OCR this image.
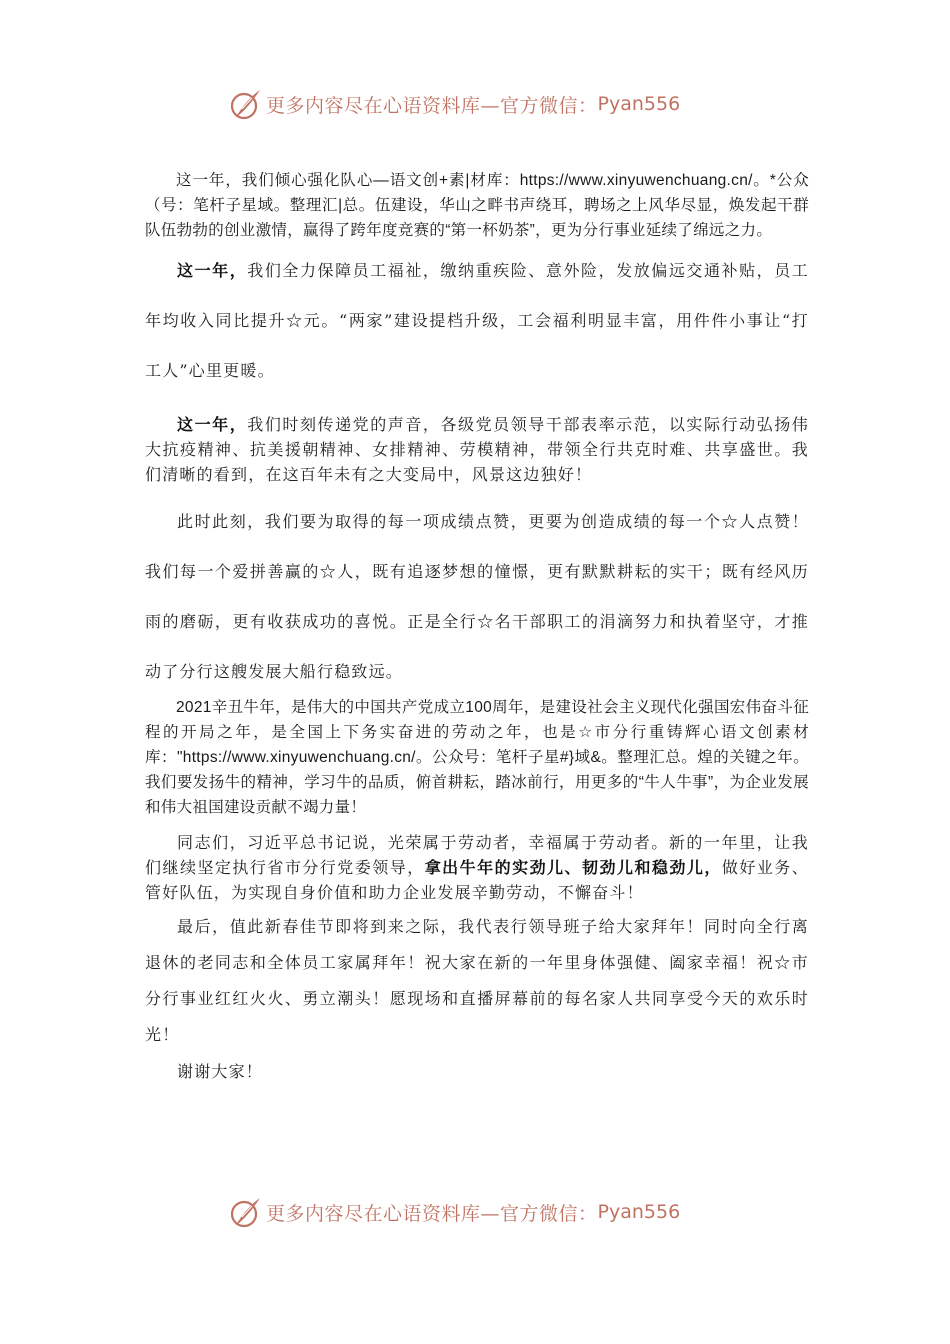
更多内容尽在心语资料库—官方微信： Pyan556

这一年，我们倾心强化队心—语文创+素|材库：https://www.xinyuwenchuang.cn/。*公众（号：笔杆子星域。整理汇|总。伍建设，华山之畔书声绕耳，聘场之上风华尽显，焕发起干群队伍勃勃的创业激情，赢得了跨年度竞赛的“第一杯奶茶”，更为分行事业延续了绵远之力。

这一年，我们全力保障员工福祉，缴纳重疾险、意外险，发放偏远交通补贴，员工年均收入同比提升☆元。“两家”建设提档升级，工会福利明显丰富，用件件小事让“打工人”心里更暖。

这一年，我们时刻传递党的声音，各级党员领导干部表率示范，以实际行动弘扬伟大抗疫精神、抗美援朝精神、女排精神、劳模精神，带领全行共克时难、共享盛世。我们清晰的看到，在这百年未有之大变局中，风景这边独好！

此时此刻，我们要为取得的每一项成绩点赞，更要为创造成绩的每一个☆人点赞！我们每一个爱拼善赢的☆人，既有追逐梦想的憧憬，更有默默耕耘的实干；既有经风历雨的磨砺，更有收获成功的喜悦。正是全行☆名干部职工的涓滴努力和执着坚守，才推动了分行这艘发展大船行稳致远。

2021辛丑牛年，是伟大的中国共产党成立100周年，是建设社会主义现代化强国宏伟奋斗征程的开局之年，是全国上下务实奋进的劳动之年，也是☆市分行重铸辉心语文创素材库："https://www.xinyuwenchuang.cn/。公众号：笔杆子星#}域&。整理汇总。煌的关键之年。我们要发扬牛的精神，学习牛的品质，俯首耕耘，踏冰前行，用更多的“牛人牛事”，为企业发展和伟大祖国建设贡献不竭力量！

同志们，习近平总书记说，光荣属于劳动者，幸福属于劳动者。新的一年里，让我们继续坚定执行省市分行党委领导，拿出牛年的实劲儿、韧劲儿和稳劲儿，做好业务、管好队伍，为实现自身价值和助力企业发展辛勤劳动，不懈奋斗！

最后，值此新春佳节即将到来之际，我代表行领导班子给大家拜年！同时向全行离退休的老同志和全体员工家属拜年！祝大家在新的一年里身体强健、阖家幸福！祝☆市分行事业红红火火、勇立潮头！愿现场和直播屏幕前的每名家人共同享受今天的欢乐时光！

谢谢大家！

更多内容尽在心语资料库—官方微信： Pyan556
